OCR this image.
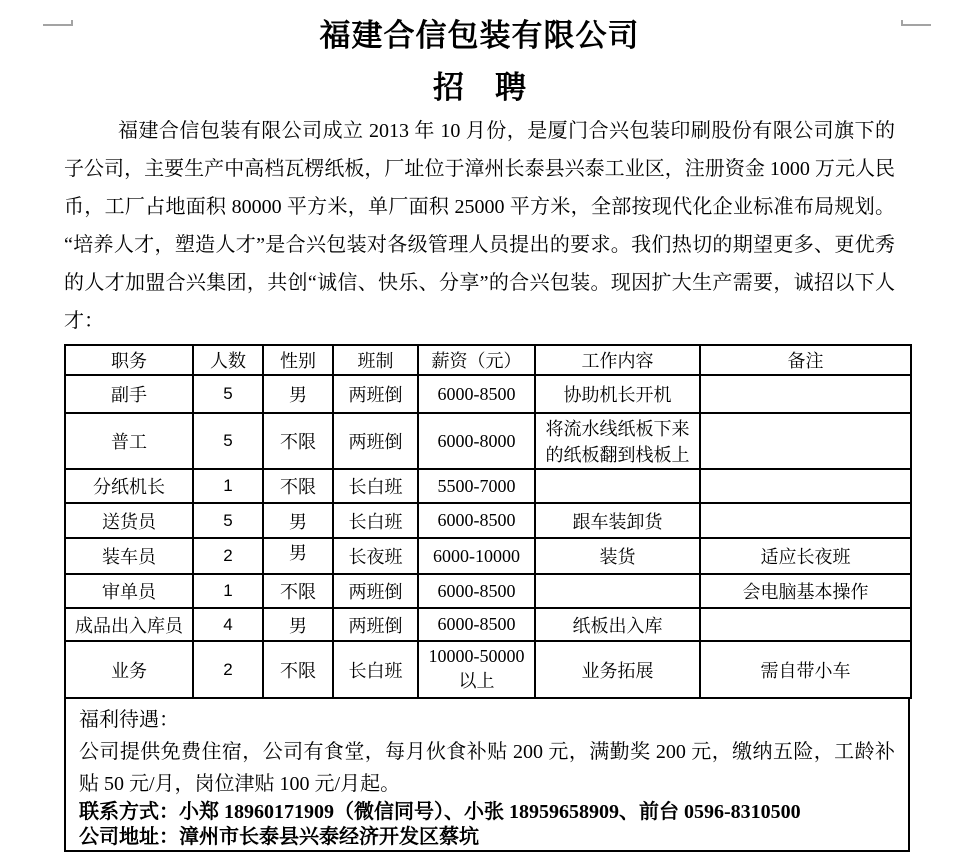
福建合信包装有限公司
招　聘

福建合信包装有限公司成立 2013 年 10 月份，是厦门合兴包装印刷股份有限公司旗下的子公司，主要生产中高档瓦楞纸板，厂址位于漳州长泰县兴泰工业区，注册资金 1000 万元人民币，工厂占地面积 80000 平方米，单厂面积 25000 平方米，全部按现代化企业标准布局规划。“培养人才，塑造人才”是合兴包装对各级管理人员提出的要求。我们热切的期望更多、更优秀的人才加盟合兴集团，共创“诚信、快乐、分享”的合兴包装。现因扩大生产需要，诚招以下人才：

职务	人数	性别	班制	薪资（元）	工作内容	备注
副手	5	男	两班倒	6000-8500	协助机长开机	
普工	5	不限	两班倒	6000-8000	将流水线纸板下来的纸板翻到栈板上	
分纸机长	1	不限	长白班	5500-7000		
送货员	5	男	长白班	6000-8500	跟车装卸货	
装车员	2	男	长夜班	6000-10000	装货	适应长夜班
审单员	1	不限	两班倒	6000-8500		会电脑基本操作
成品出入库员	4	男	两班倒	6000-8500	纸板出入库	
业务	2	不限	长白班	10000-50000 以上	业务拓展	需自带小车

福利待遇：

公司提供免费住宿，公司有食堂，每月伙食补贴 200 元，满勤奖 200 元，缴纳五险，工龄补贴 50 元/月，岗位津贴 100 元/月起。

联系方式：小郑 18960171909（微信同号）、小张 18959658909、前台 0596-8310500

公司地址：漳州市长泰县兴泰经济开发区蔡坑
